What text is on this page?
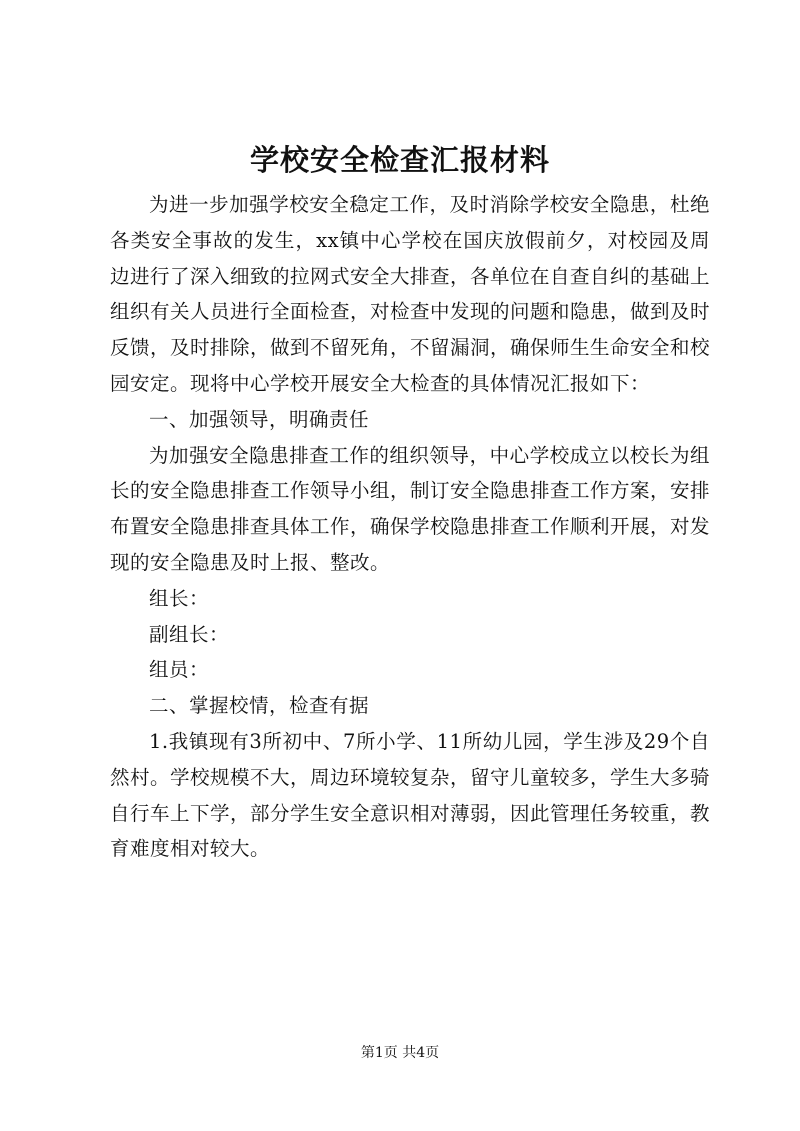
学校安全检查汇报材料

为进一步加强学校安全稳定工作，及时消除学校安全隐患，杜绝各类安全事故的发生，xx镇中心学校在国庆放假前夕，对校园及周边进行了深入细致的拉网式安全大排查，各单位在自查自纠的基础上组织有关人员进行全面检查，对检查中发现的问题和隐患，做到及时反馈，及时排除，做到不留死角，不留漏洞，确保师生生命安全和校园安定。现将中心学校开展安全大检查的具体情况汇报如下：

一、加强领导，明确责任

为加强安全隐患排查工作的组织领导，中心学校成立以校长为组长的安全隐患排查工作领导小组，制订安全隐患排查工作方案，安排布置安全隐患排查具体工作，确保学校隐患排查工作顺利开展，对发现的安全隐患及时上报、整改。

组长：

副组长：

组员：

二、掌握校情，检查有据

1.我镇现有3所初中、7所小学、11所幼儿园，学生涉及29个自然村。学校规模不大，周边环境较复杂，留守儿童较多，学生大多骑自行车上下学，部分学生安全意识相对薄弱，因此管理任务较重，教育难度相对较大。

第1页 共4页
